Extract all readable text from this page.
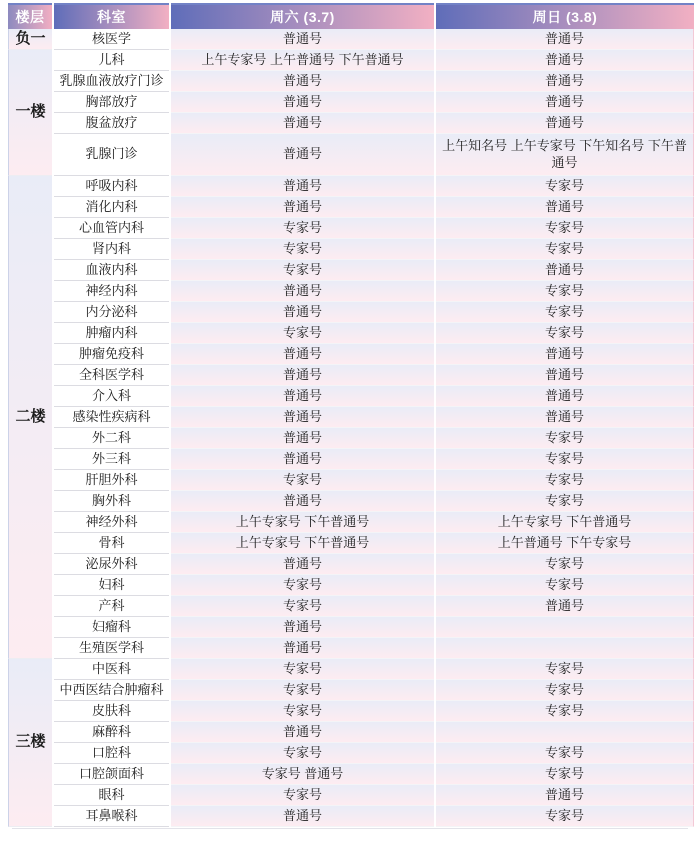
楼层	科室	周六 (3.7)	周日 (3.8)
负一	核医学	普通号	普通号
一楼	儿科	上午专家号 上午普通号 下午普通号	普通号
	乳腺血液放疗门诊	普通号	普通号
	胸部放疗	普通号	普通号
	腹盆放疗	普通号	普通号
	乳腺门诊	普通号	上午知名号 上午专家号 下午知名号 下午普通号
二楼	呼吸内科	普通号	专家号
	消化内科	普通号	普通号
	心血管内科	专家号	专家号
	肾内科	专家号	专家号
	血液内科	专家号	普通号
	神经内科	普通号	专家号
	内分泌科	普通号	专家号
	肿瘤内科	专家号	专家号
	肿瘤免疫科	普通号	普通号
	全科医学科	普通号	普通号
	介入科	普通号	普通号
	感染性疾病科	普通号	普通号
	外二科	普通号	专家号
	外三科	普通号	专家号
	肝胆外科	专家号	专家号
	胸外科	普通号	专家号
	神经外科	上午专家号 下午普通号	上午专家号 下午普通号
	骨科	上午专家号 下午普通号	上午普通号 下午专家号
	泌尿外科	普通号	专家号
	妇科	专家号	专家号
	产科	专家号	普通号
	妇瘤科	普通号	
	生殖医学科	普通号	
三楼	中医科	专家号	专家号
	中西医结合肿瘤科	专家号	专家号
	皮肤科	专家号	专家号
	麻醉科	普通号	
	口腔科	专家号	专家号
	口腔颌面科	专家号 普通号	专家号
	眼科	专家号	普通号
	耳鼻喉科	普通号	专家号
